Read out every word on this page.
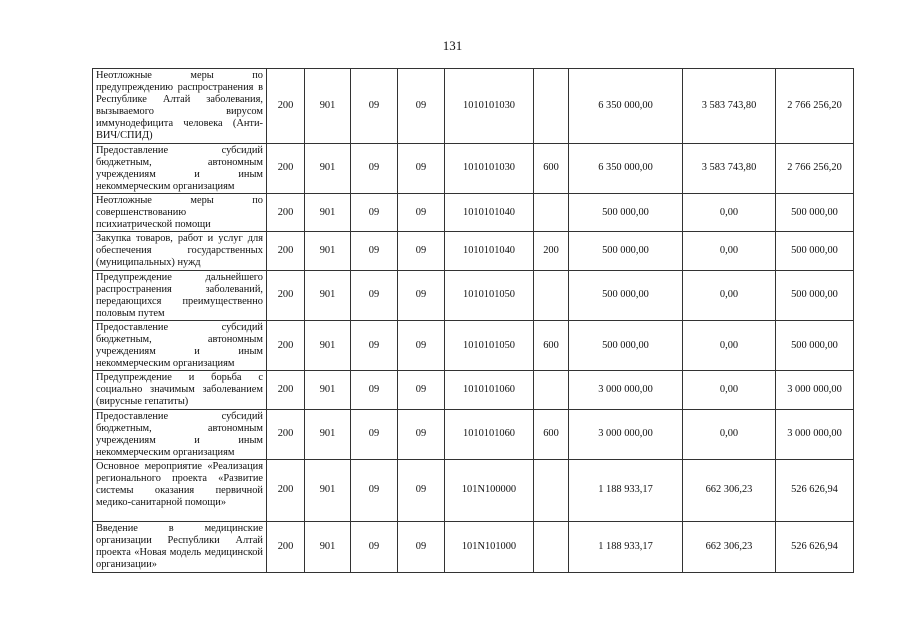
131
Неотложные меры по предупреждению распространения в Республике Алтай заболевания, вызываемого вирусом иммунодефицита человека (Анти-ВИЧ/СПИД)	200	901	09	09	1010101030		6 350 000,00	3 583 743,80	2 766 256,20
Предоставление субсидий бюджетным, автономным учреждениям и иным некоммерческим организациям	200	901	09	09	1010101030	600	6 350 000,00	3 583 743,80	2 766 256,20
Неотложные меры по совершенствованию психиатрической помощи	200	901	09	09	1010101040		500 000,00	0,00	500 000,00
Закупка товаров, работ и услуг для обеспечения государственных (муниципальных) нужд	200	901	09	09	1010101040	200	500 000,00	0,00	500 000,00
Предупреждение дальнейшего распространения заболеваний, передающихся преимущественно половым путем	200	901	09	09	1010101050		500 000,00	0,00	500 000,00
Предоставление субсидий бюджетным, автономным учреждениям и иным некоммерческим организациям	200	901	09	09	1010101050	600	500 000,00	0,00	500 000,00
Предупреждение и борьба с социально значимым заболеванием (вирусные гепатиты)	200	901	09	09	1010101060		3 000 000,00	0,00	3 000 000,00
Предоставление субсидий бюджетным, автономным учреждениям и иным некоммерческим организациям	200	901	09	09	1010101060	600	3 000 000,00	0,00	3 000 000,00
Основное мероприятие «Реализация регионального проекта «Развитие системы оказания первичной медико-санитарной помощи»	200	901	09	09	101N100000		1 188 933,17	662 306,23	526 626,94
Введение в медицинские организации Республики Алтай проекта «Новая модель медицинской организации»	200	901	09	09	101N101000		1 188 933,17	662 306,23	526 626,94
